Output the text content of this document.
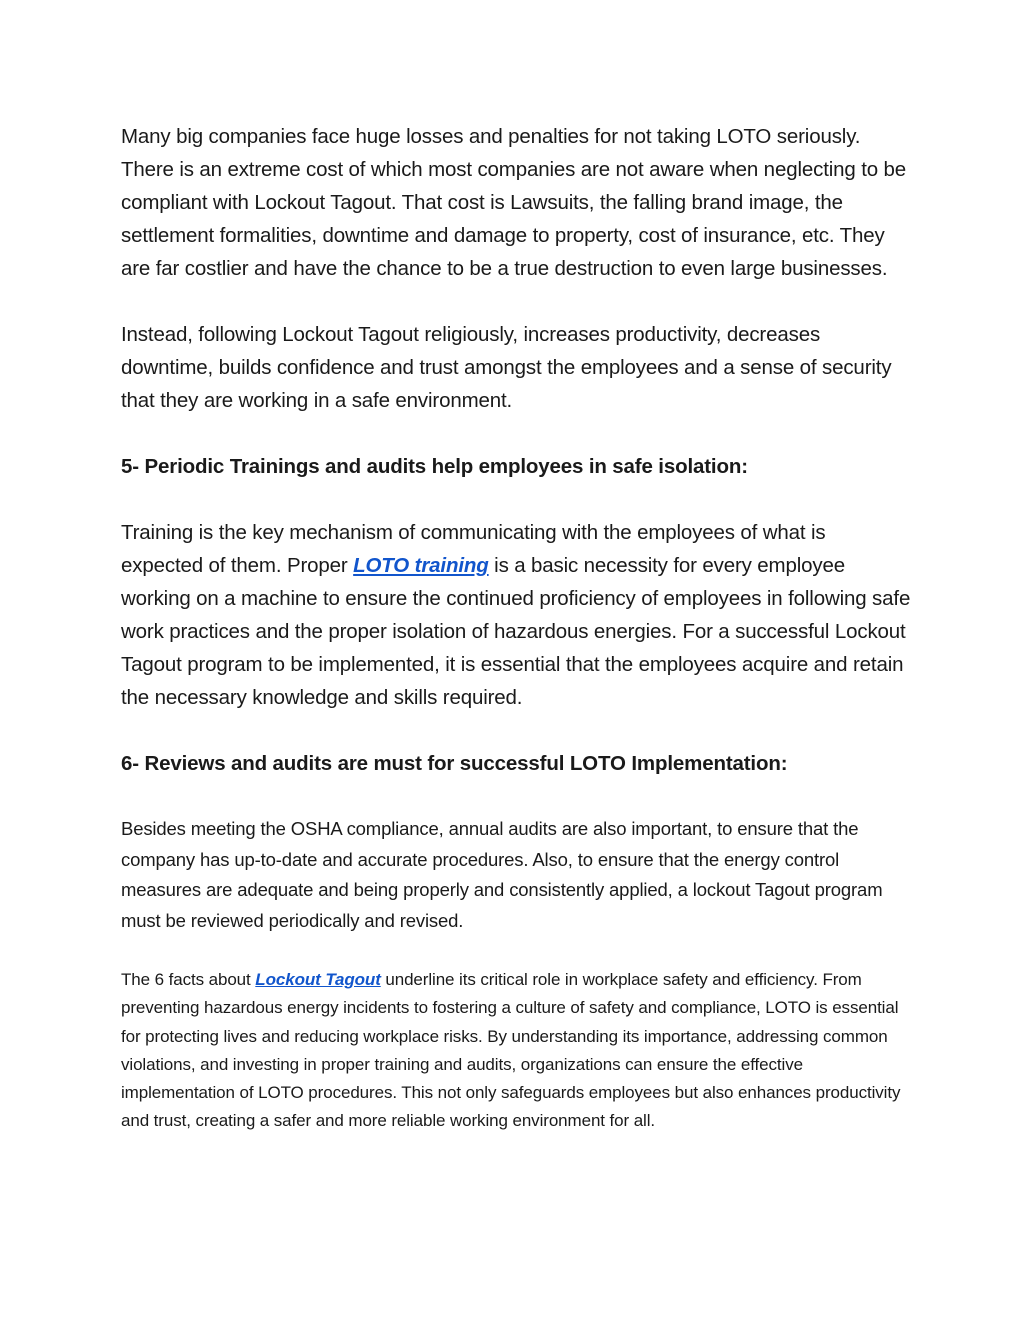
Many big companies face huge losses and penalties for not taking LOTO seriously. There is an extreme cost of which most companies are not aware when neglecting to be compliant with Lockout Tagout. That cost is Lawsuits, the falling brand image, the settlement formalities, downtime and damage to property, cost of insurance, etc. They are far costlier and have the chance to be a true destruction to even large businesses.

Instead, following Lockout Tagout religiously, increases productivity, decreases downtime, builds confidence and trust amongst the employees and a sense of security that they are working in a safe environment.

5- Periodic Trainings and audits help employees in safe isolation:

Training is the key mechanism of communicating with the employees of what is expected of them. Proper LOTO training is a basic necessity for every employee working on a machine to ensure the continued proficiency of employees in following safe work practices and the proper isolation of hazardous energies. For a successful Lockout Tagout program to be implemented, it is essential that the employees acquire and retain the necessary knowledge and skills required.

6- Reviews and audits are must for successful LOTO Implementation:

Besides meeting the OSHA compliance, annual audits are also important, to ensure that the company has up-to-date and accurate procedures. Also, to ensure that the energy control measures are adequate and being properly and consistently applied, a lockout Tagout program must be reviewed periodically and revised.

The 6 facts about Lockout Tagout underline its critical role in workplace safety and efficiency. From preventing hazardous energy incidents to fostering a culture of safety and compliance, LOTO is essential for protecting lives and reducing workplace risks. By understanding its importance, addressing common violations, and investing in proper training and audits, organizations can ensure the effective implementation of LOTO procedures. This not only safeguards employees but also enhances productivity and trust, creating a safer and more reliable working environment for all.
